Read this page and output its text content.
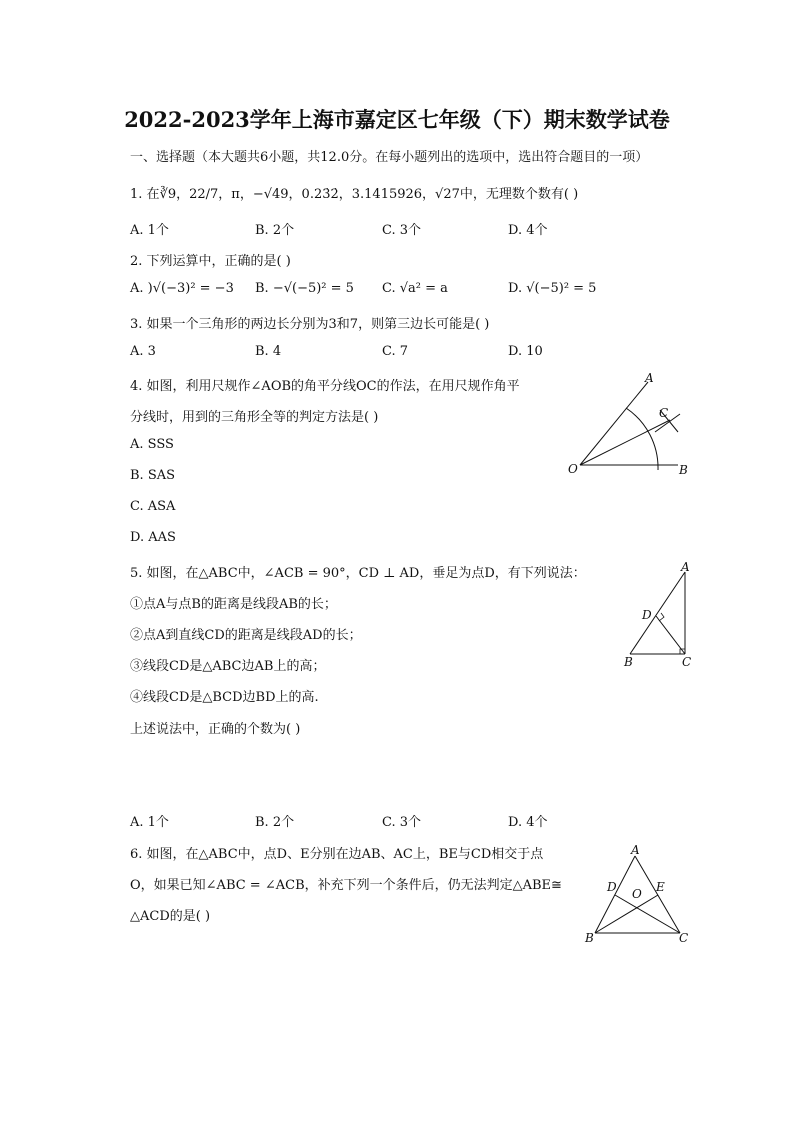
2022-2023学年上海市嘉定区七年级（下）期末数学试卷
一、选择题（本大题共6小题，共12.0分。在每小题列出的选项中，选出符合题目的一项）
1. 在∛9，22/7，π，−√49，0.23̇2̇，3.1415926，√27中，无理数个数有( )
A. 1个	B. 2个	C. 3个	D. 4个
2. 下列运算中，正确的是( )
A. )√(−3)² = −3 B. −√(−5)² = 5 C. √a² = a	D. √(−5)² = 5
3. 如果一个三角形的两边长分别为3和7，则第三边长可能是( )
A. 3	B. 4	C. 7	D. 10
4. 如图，利用尺规作∠AOB的角平分线OC的作法，在用尺规作角平
分线时，用到的三角形全等的判定方法是( )
A. SSS
B. SAS
C. ASA
D. AAS
A
C
O	B
5. 如图，在△ABC中，∠ACB = 90°，CD ⊥ AD，垂足为点D，有下列说法：
①点A与点B的距离是线段AB的长；
②点A到直线CD的距离是线段AD的长；
③线段CD是△ABC边AB上的高；
④线段CD是△BCD边BD上的高.
上述说法中，正确的个数为( )
A. 1个	B. 2个	C. 3个	D. 4个
A
D
B	C
6. 如图，在△ABC中，点D、E分别在边AB、AC上，BE与CD相交于点
O，如果已知∠ABC = ∠ACB，补充下列一个条件后，仍无法判定△ABE≅
△ACD的是( )
A
D O E
B	C
